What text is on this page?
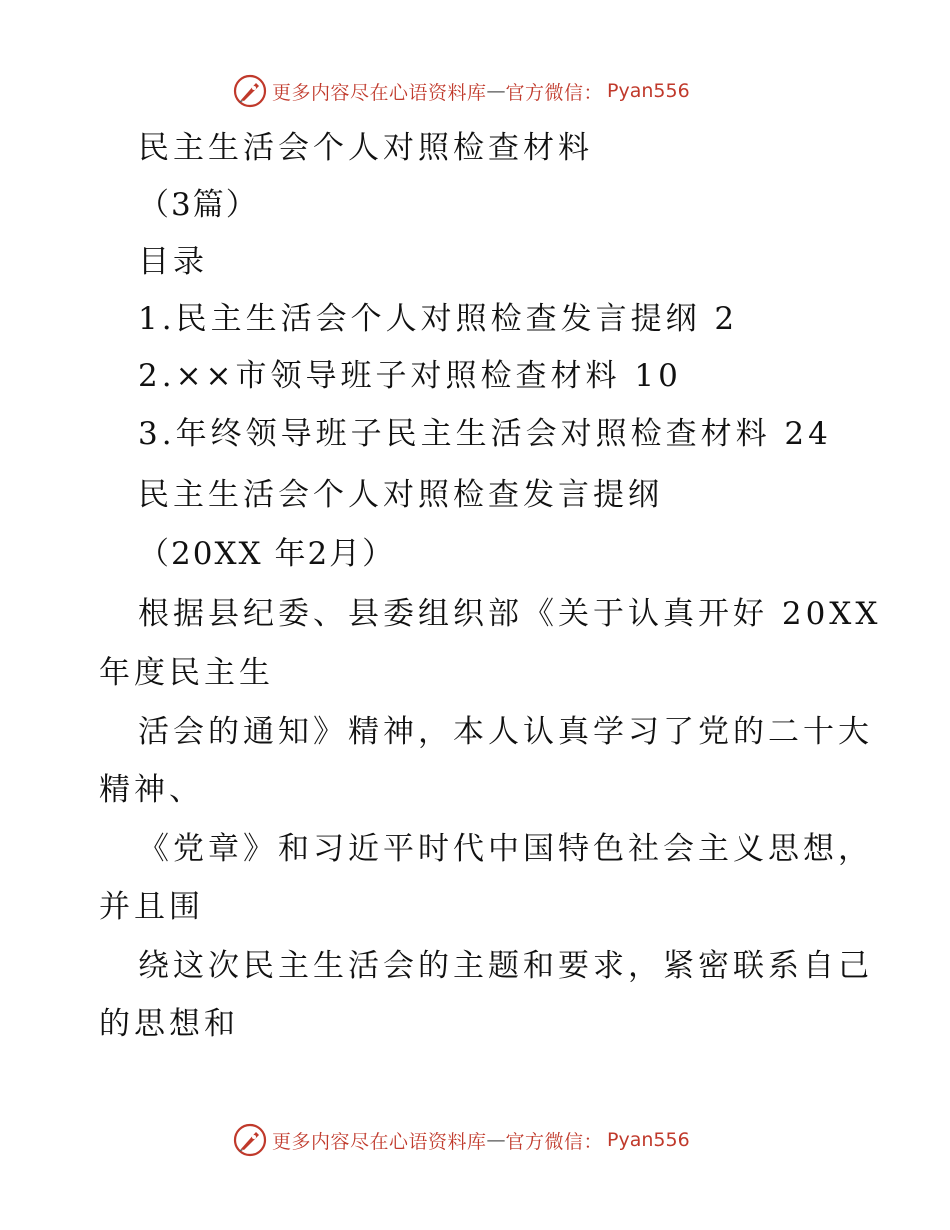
更多内容尽在心语资料库 — 官方微信： Pyan556
民主生活会个人对照检查材料
（3篇）
目录
1.民主生活会个人对照检查发言提纲 2
2.××市领导班子对照检查材料 10
3.年终领导班子民主生活会对照检查材料 24
民主生活会个人对照检查发言提纲
（20XX 年2月）
根据县纪委、县委组织部《关于认真开好 20XX
年度民主生
活会的通知》精神，本人认真学习了党的二十大
精神、
《党章》和习近平时代中国特色社会主义思想，
并且围
绕这次民主生活会的主题和要求，紧密联系自己
的思想和
更多内容尽在心语资料库 — 官方微信： Pyan556
